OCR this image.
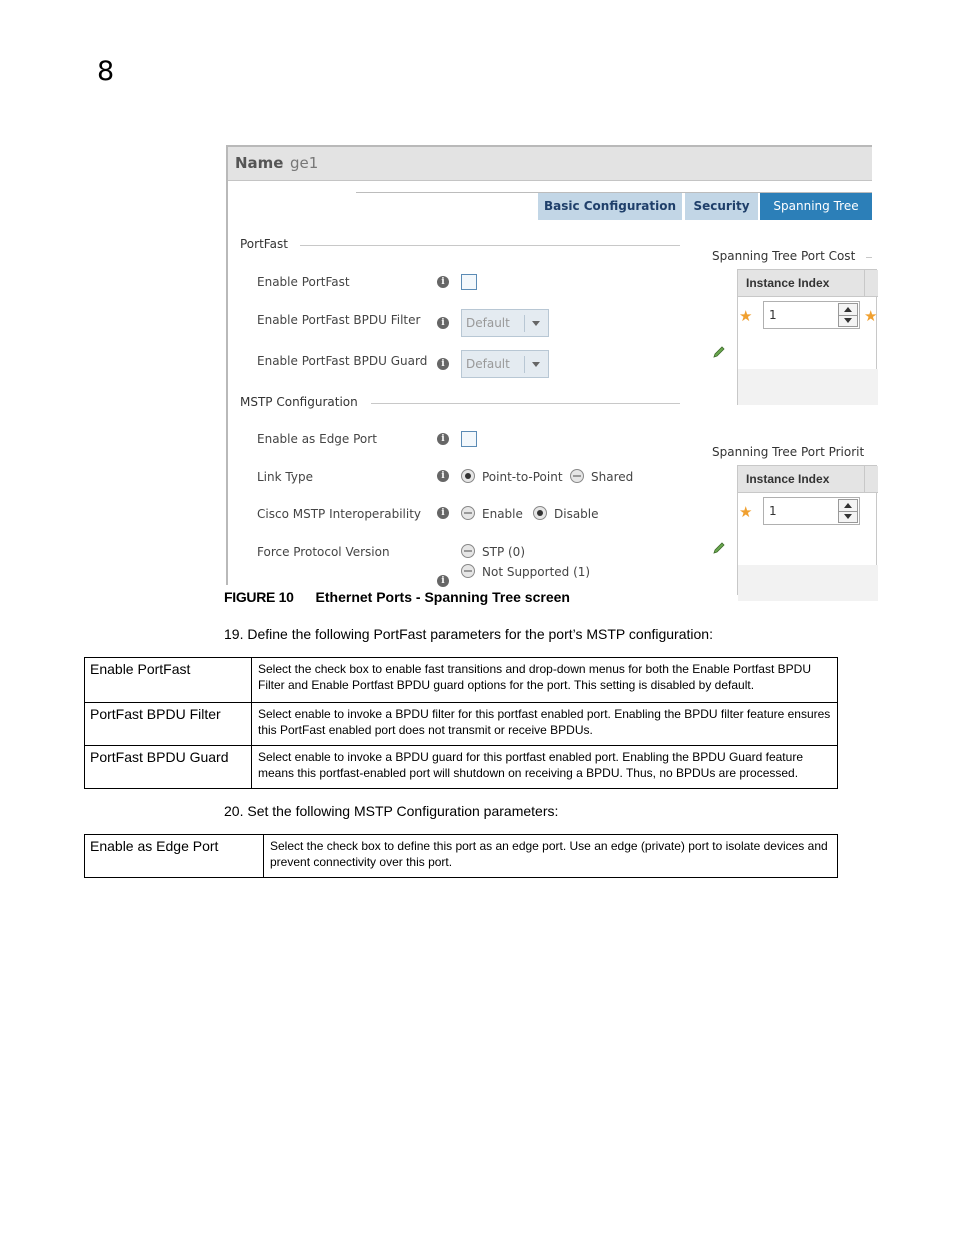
8
Name ge1
Basic Configuration	Security	Spanning Tree
PortFast
Enable PortFast	i
Enable PortFast BPDU Filter	i	Default
Enable PortFast BPDU Guard	i	Default
MSTP Configuration
Enable as Edge Port	i
Link Type	i	Point-to-Point Shared
Cisco MSTP Interoperability	i	Enable	Disable
Force Protocol Version	STP (0)
Not Supported (1)
i
Spanning Tree Port Cost
Instance Index
★	★
1
Spanning Tree Port Priorit
Instance Index
★ 1
FIGURE 10 Ethernet Ports - Spanning Tree screen
19. Define the following PortFast parameters for the port’s MSTP configuration:
Enable PortFast	Select the check box to enable fast transitions and drop-down menus for both the Enable Portfast BPDU Filter and Enable Portfast BPDU guard options for the port. This setting is disabled by default.
PortFast BPDU Filter	Select enable to invoke a BPDU filter for this portfast enabled port. Enabling the BPDU filter feature ensures this PortFast enabled port does not transmit or receive BPDUs.
PortFast BPDU Guard	Select enable to invoke a BPDU guard for this portfast enabled port. Enabling the BPDU Guard feature means this portfast-enabled port will shutdown on receiving a BPDU. Thus, no BPDUs are processed.
20. Set the following MSTP Configuration parameters:
Enable as Edge Port	Select the check box to define this port as an edge port. Use an edge (private) port to isolate devices and prevent connectivity over this port.
